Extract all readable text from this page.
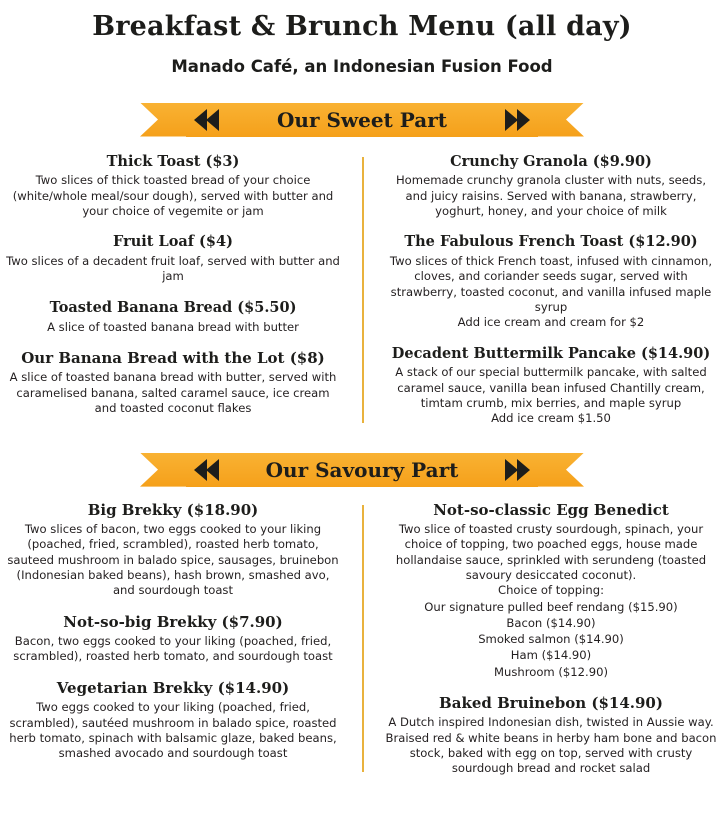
Breakfast & Brunch Menu (all day)
Manado Café, an Indonesian Fusion Food
Our Sweet Part
Thick Toast ($3)
Two slices of thick toasted bread of your choice (white/whole meal/sour dough), served with butter and your choice of vegemite or jam
Fruit Loaf ($4)
Two slices of a decadent fruit loaf, served with butter and jam
Toasted Banana Bread ($5.50)
A slice of toasted banana bread with butter
Our Banana Bread with the Lot ($8)
A slice of toasted banana bread with butter, served with caramelised banana, salted caramel sauce, ice cream and toasted coconut flakes
Crunchy Granola ($9.90)
Homemade crunchy granola cluster with nuts, seeds, and juicy raisins. Served with banana, strawberry, yoghurt, honey, and your choice of milk
The Fabulous French Toast ($12.90)
Two slices of thick French toast, infused with cinnamon, cloves, and coriander seeds sugar, served with strawberry, toasted coconut, and vanilla infused maple syrup
Add ice cream and cream for $2
Decadent Buttermilk Pancake ($14.90)
A stack of our special buttermilk pancake, with salted caramel sauce, vanilla bean infused Chantilly cream, timtam crumb, mix berries, and maple syrup
Add ice cream $1.50
Our Savoury Part
Big Brekky ($18.90)
Two slices of bacon, two eggs cooked to your liking (poached, fried, scrambled), roasted herb tomato, sauteed mushroom in balado spice, sausages, bruinebon (Indonesian baked beans), hash brown, smashed avo, and sourdough toast
Not-so-big Brekky ($7.90)
Bacon, two eggs cooked to your liking (poached, fried, scrambled), roasted herb tomato, and sourdough toast
Vegetarian Brekky ($14.90)
Two eggs cooked to your liking (poached, fried, scrambled), sautéed mushroom in balado spice, roasted herb tomato, spinach with balsamic glaze, baked beans, smashed avocado and sourdough toast
Not-so-classic Egg Benedict
Two slice of toasted crusty sourdough, spinach, your choice of topping, two poached eggs, house made hollandaise sauce, sprinkled with serundeng (toasted savoury desiccated coconut).
Choice of topping:
Our signature pulled beef rendang ($15.90)
Bacon ($14.90)
Smoked salmon ($14.90)
Ham ($14.90)
Mushroom ($12.90)
Baked Bruinebon ($14.90)
A Dutch inspired Indonesian dish, twisted in Aussie way. Braised red & white beans in herby ham bone and bacon stock, baked with egg on top, served with crusty sourdough bread and rocket salad
